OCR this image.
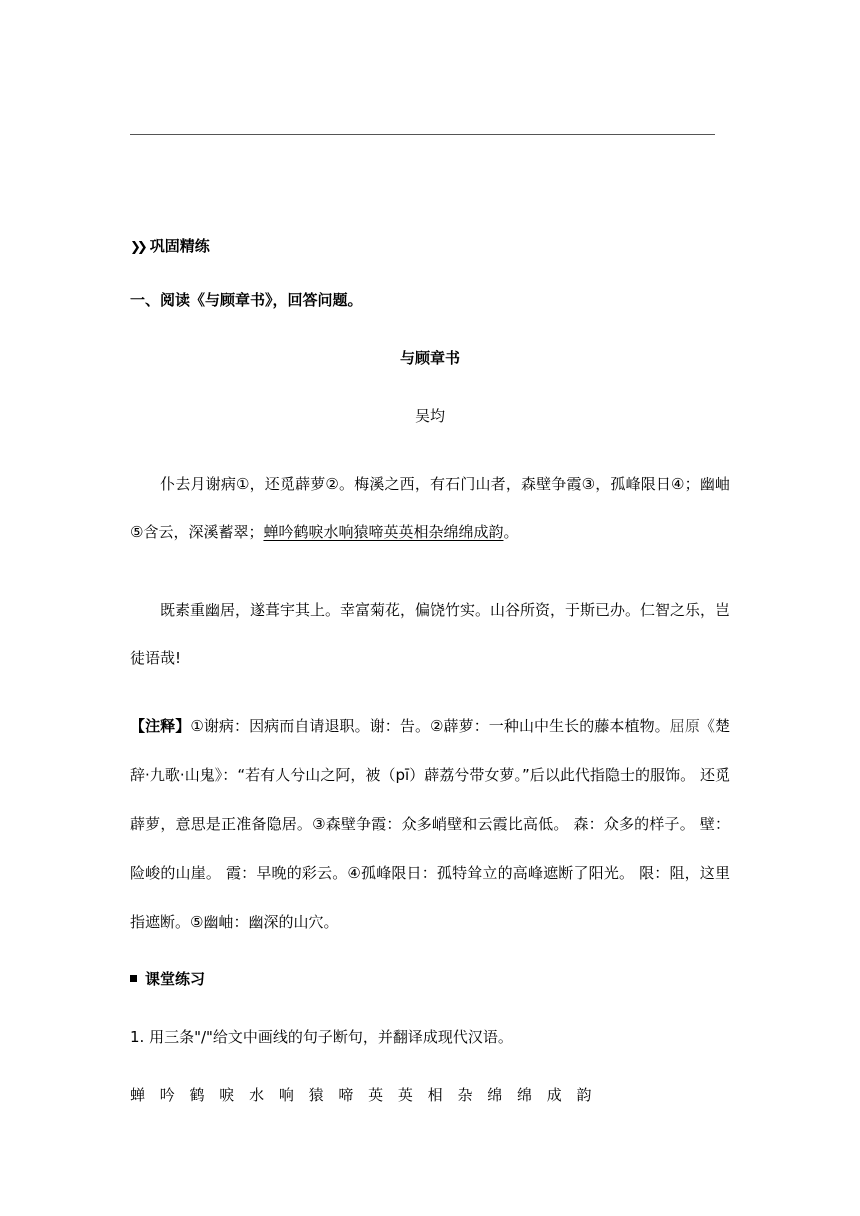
❯❯ 巩固精练
一、阅读《与顾章书》，回答问题。
与顾章书
吴均
仆去月谢病①，还觅薜萝②。梅溪之西，有石门山者，森壁争霞③，孤峰限日④；幽岫⑤含云，深溪蓄翠；蝉吟鹤唳水响猿啼英英相杂绵绵成韵。
既素重幽居，遂葺宇其上。幸富菊花，偏饶竹实。山谷所资，于斯已办。仁智之乐，岂徒语哉!
【注释】①谢病：因病而自请退职。谢：告。②薜萝：一种山中生长的藤本植物。屈原《楚辞·九歌·山鬼》：“若有人兮山之阿，被（pī）薜荔兮带女萝。”后以此代指隐士的服饰。 还觅薜萝，意思是正准备隐居。③森壁争霞：众多峭壁和云霞比高低。 森：众多的样子。 壁：险峻的山崖。 霞：早晚的彩云。④孤峰限日：孤特耸立的高峰遮断了阳光。 限：阻，这里指遮断。⑤幽岫：幽深的山穴。
课堂练习
1. 用三条"/"给文中画线的句子断句，并翻译成现代汉语。
蝉 吟 鹤 唳 水 响 猿 啼 英 英 相 杂 绵 绵 成 韵
